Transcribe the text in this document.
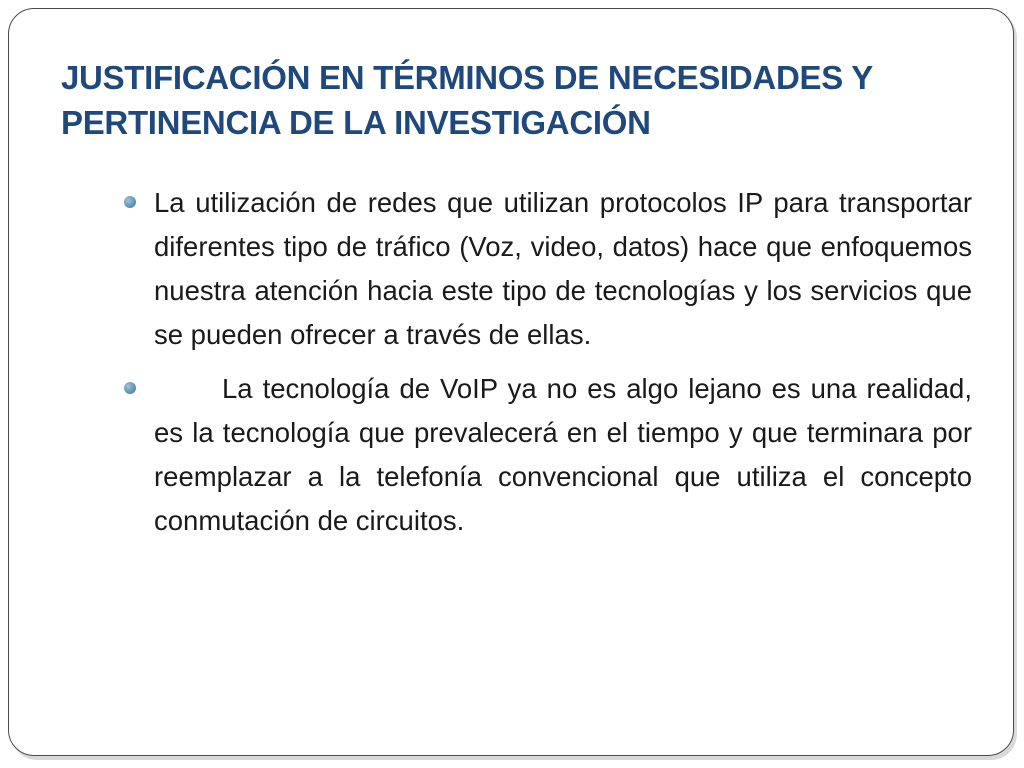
JUSTIFICACIÓN EN TÉRMINOS DE NECESIDADES Y PERTINENCIA DE LA INVESTIGACIÓN
La utilización de redes que utilizan protocolos IP para transportar diferentes tipo de tráfico (Voz, video, datos) hace que enfoquemos nuestra atención hacia este tipo de tecnologías y los servicios que se pueden ofrecer a través de ellas.
La tecnología de VoIP ya no es algo lejano es una realidad, es la tecnología que prevalecerá en el tiempo y que terminara por reemplazar a la telefonía convencional que utiliza el concepto conmutación de circuitos.
